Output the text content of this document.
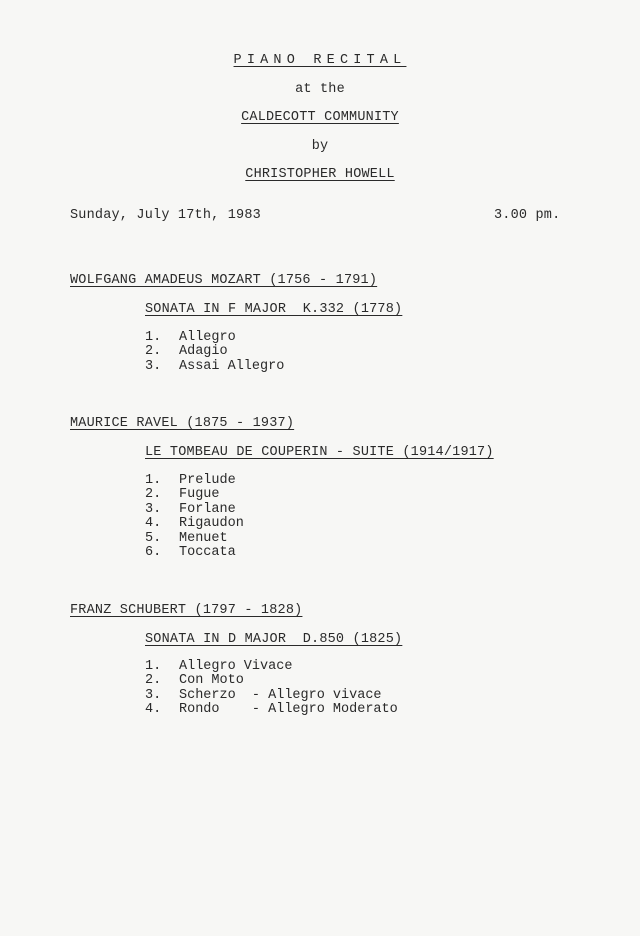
PIANO RECITAL
at the
CALDECOTT COMMUNITY
by
CHRISTOPHER HOWELL
Sunday, July 17th, 1983	3.00 pm.
WOLFGANG AMADEUS MOZART (1756 - 1791)
SONATA IN F MAJOR  K.332 (1778)
1. Allegro
2. Adagio
3. Assai Allegro
MAURICE RAVEL (1875 - 1937)
LE TOMBEAU DE COUPERIN - SUITE (1914/1917)
1. Prelude
2. Fugue
3. Forlane
4. Rigaudon
5. Menuet
6. Toccata
FRANZ SCHUBERT (1797 - 1828)
SONATA IN D MAJOR  D.850 (1825)
1. Allegro Vivace
2. Con Moto
3. Scherzo  - Allegro vivace
4. Rondo    - Allegro Moderato
